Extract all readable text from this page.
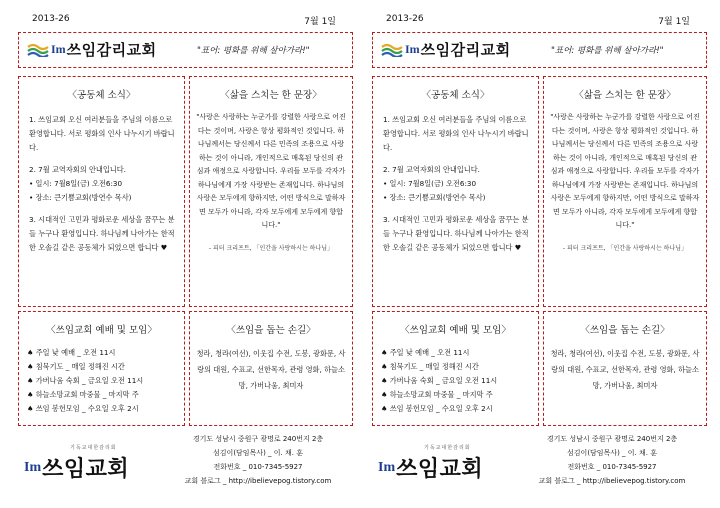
2013-26	7월 1일
Im 쓰임감리교회	"표어: 평화를 위해 살아가라!"
〈공동체 소식〉
1. 쓰임교회 오신 여러분들을 주님의 이름으로 환영합니다. 서로 평화의 인사 나누시기 바랍니다.
2. 7월 교역자회의 안내입니다.
• 일시: 7월8일(금) 오전6:30
• 장소: 큰기쁨교회(방연수 목사)
3. 시대적인 고민과 평화로운 세상을 꿈꾸는 분들 누구나 환영입니다. 하나님께 나아가는 한적한 오솔길 같은 공동체가 되었으면 합니다 ♥
〈삶을 스치는 한 문장〉
"사랑은 사랑하는 누군가를 강렬한 사랑으로 어진다는 것이며, 사랑은 항상 평화적인 것입니다. 하나님께서는 당신께서 다른 민족의 조용으로 사랑하는 것이 아니라, 개인적으로 매혹된 당신의 관심과 애정으로 사랑합니다. 우리들 모두를 각자가 하나님에게 가장 사랑받는 존재입니다. 하나님의 사랑은 모두에게 향하지만, 어떤 방식으로 말하자면 모두가 아니라, 각자 모두에게 모두에게 향합니다."
- 피터 크리프트, 「인간을 사랑하시는 하나님」
〈쓰임교회 예배 및 모임〉
♠ 주일 낮 예배 _ 오전 11시
♠ 침묵기도 _ 매일 정해진 시간
♠ 가버나움 숙회 _ 금요일 오전 11시
♠ 하늘소망교회 마중물 _ 마지막 주
♠ 쓰임 봉헌모임 _ 수요일 오후 2시
〈쓰임을 돕는 손길〉
청라, 청라(여선), 이웃집 수전, 도봉, 광화문, 사랑의 대원, 수표교, 선한목자, 관령 영화, 하늘소망, 가버나움, 최미자
기독교대한감리회
Im 쓰임교회
경기도 성남시 중원구 광명로 240번지 2층
섬김이(담임목사) _ 이. 채. 훈
전화번호 _ 010-7345-5927
교회 블로그 _ http://ibelievepog.tistory.com
2013-26	7월 1일
Im 쓰임감리교회	"표어: 평화를 위해 살아가라!"
〈공동체 소식〉
1. 쓰임교회 오신 여러분들을 주님의 이름으로 환영합니다. 서로 평화의 인사 나누시기 바랍니다.
2. 7월 교역자회의 안내입니다.
• 일시: 7월8일(금) 오전6:30
• 장소: 큰기쁨교회(방연수 목사)
3. 시대적인 고민과 평화로운 세상을 꿈꾸는 분들 누구나 환영입니다. 하나님께 나아가는 한적한 오솔길 같은 공동체가 되었으면 합니다 ♥
〈삶을 스치는 한 문장〉
"사랑은 사랑하는 누군가를 강렬한 사랑으로 어진다는 것이며, 사랑은 항상 평화적인 것입니다. 하나님께서는 당신께서 다른 민족의 조용으로 사랑하는 것이 아니라, 개인적으로 매혹된 당신의 관심과 애정으로 사랑합니다. 우리들 모두를 각자가 하나님에게 가장 사랑받는 존재입니다. 하나님의 사랑은 모두에게 향하지만, 어떤 방식으로 말하자면 모두가 아니라, 각자 모두에게 모두에게 향합니다."
- 피터 크리프트, 「인간을 사랑하시는 하나님」
〈쓰임교회 예배 및 모임〉
♠ 주일 낮 예배 _ 오전 11시
♠ 침묵기도 _ 매일 정해진 시간
♠ 가버나움 숙회 _ 금요일 오전 11시
♠ 하늘소망교회 마중물 _ 마지막 주
♠ 쓰임 봉헌모임 _ 수요일 오후 2시
〈쓰임을 돕는 손길〉
청라, 청라(여선), 이웃집 수전, 도봉, 광화문, 사랑의 대원, 수표교, 선한목자, 관령 영화, 하늘소망, 가버나움, 최미자
기독교대한감리회
Im 쓰임교회
경기도 성남시 중원구 광명로 240번지 2층
섬김이(담임목사) _ 이. 채. 훈
전화번호 _ 010-7345-5927
교회 블로그 _ http://ibelievepog.tistory.com
